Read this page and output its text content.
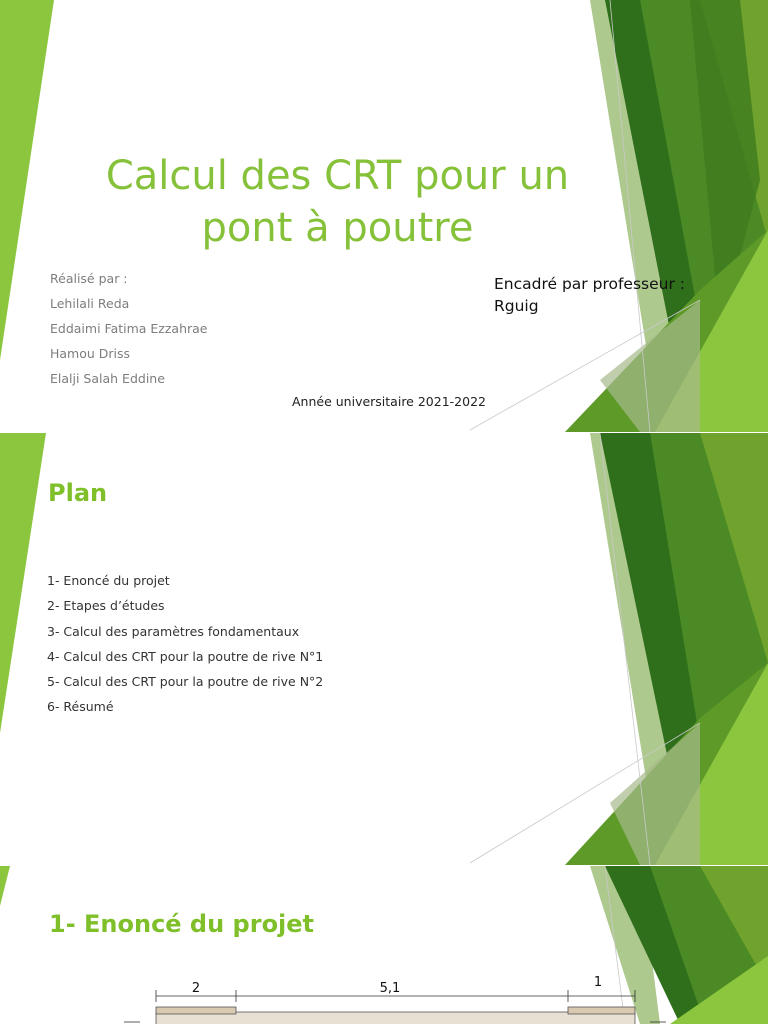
Calcul des CRT pour un pont à poutre
Réalisé par :
Lehilali Reda
Eddaimi Fatima Ezzahrae
Hamou Driss
Elalji Salah Eddine
Encadré par professeur : Rguig
Année universitaire 2021-2022
Plan
1- Enoncé du projet
2- Etapes d’études
3- Calcul des paramètres fondamentaux
4- Calcul des CRT pour la poutre de rive N°1
5- Calcul des CRT pour la poutre de rive N°2
6- Résumé
1- Enoncé du projet
2	5,1	1
